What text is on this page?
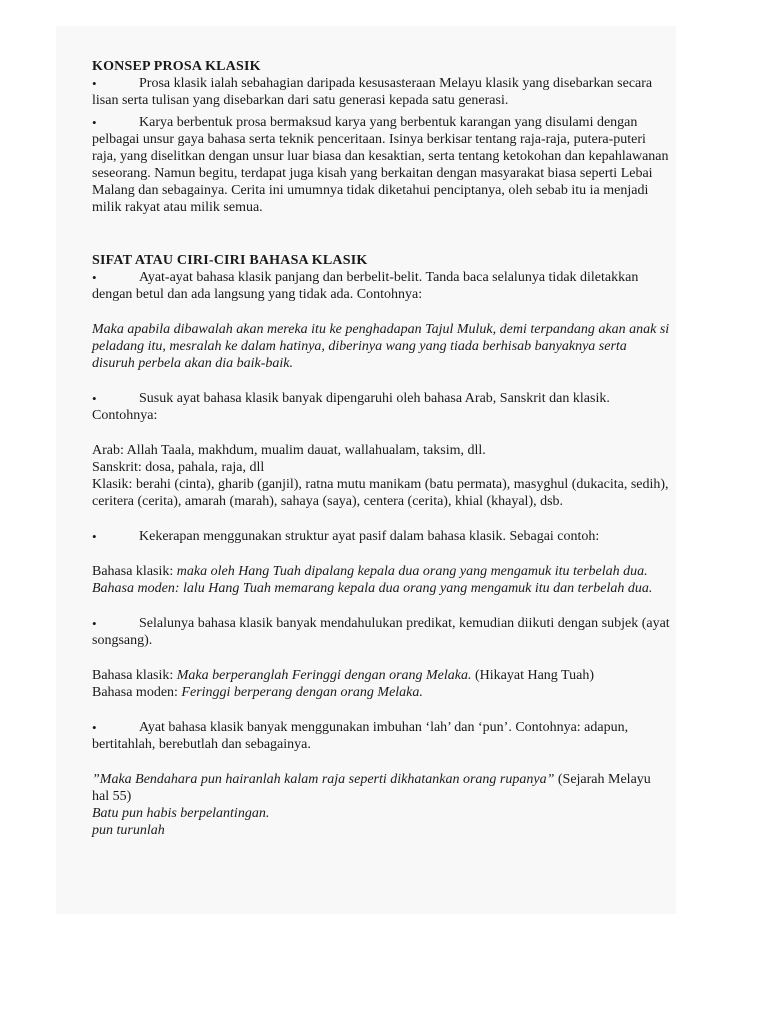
KONSEP PROSA KLASIK

•	Prosa klasik ialah sebahagian daripada kesusasteraan Melayu klasik yang disebarkan secara lisan serta tulisan yang disebarkan dari satu generasi kepada satu generasi.

•	Karya berbentuk prosa bermaksud karya yang berbentuk karangan yang disulami dengan pelbagai unsur gaya bahasa serta teknik penceritaan. Isinya berkisar tentang raja-raja, putera-puteri raja, yang diselitkan dengan unsur luar biasa dan kesaktian, serta tentang ketokohan dan kepahlawanan seseorang. Namun begitu, terdapat juga kisah yang berkaitan dengan masyarakat biasa seperti Lebai Malang dan sebagainya. Cerita ini umumnya tidak diketahui penciptanya, oleh sebab itu ia menjadi milik rakyat atau milik semua.

SIFAT ATAU CIRI-CIRI BAHASA KLASIK

•	Ayat-ayat bahasa klasik panjang dan berbelit-belit. Tanda baca selalunya tidak diletakkan dengan betul dan ada langsung yang tidak ada. Contohnya:

Maka apabila dibawalah akan mereka itu ke penghadapan Tajul Muluk, demi terpandang akan anak si peladang itu, mesralah ke dalam hatinya, diberinya wang yang tiada berhisab banyaknya serta disuruh perbela akan dia baik-baik.

•	Susuk ayat bahasa klasik banyak dipengaruhi oleh bahasa Arab, Sanskrit dan klasik. Contohnya:

Arab: Allah Taala, makhdum, mualim dauat, wallahualam, taksim, dll.

Sanskrit: dosa, pahala, raja, dll

Klasik: berahi (cinta), gharib (ganjil), ratna mutu manikam (batu permata), masyghul (dukacita, sedih), ceritera (cerita), amarah (marah), sahaya (saya), centera (cerita), khial (khayal), dsb.

•	Kekerapan menggunakan struktur ayat pasif dalam bahasa klasik. Sebagai contoh:

Bahasa klasik: maka oleh Hang Tuah dipalang kepala dua orang yang mengamuk itu terbelah dua.

Bahasa moden: lalu Hang Tuah memarang kepala dua orang yang mengamuk itu dan terbelah dua.

•	Selalunya bahasa klasik banyak mendahulukan predikat, kemudian diikuti dengan subjek (ayat songsang).

Bahasa klasik: Maka berperanglah Feringgi dengan orang Melaka. (Hikayat Hang Tuah)

Bahasa moden: Feringgi berperang dengan orang Melaka.

•	Ayat bahasa klasik banyak menggunakan imbuhan ‘lah’ dan ‘pun’. Contohnya: adapun, bertitahlah, berebutlah dan sebagainya.

”Maka Bendahara pun hairanlah kalam raja seperti dikhatankan orang rupanya” (Sejarah Melayu hal 55)

Batu pun habis berpelantingan.

pun turunlah
